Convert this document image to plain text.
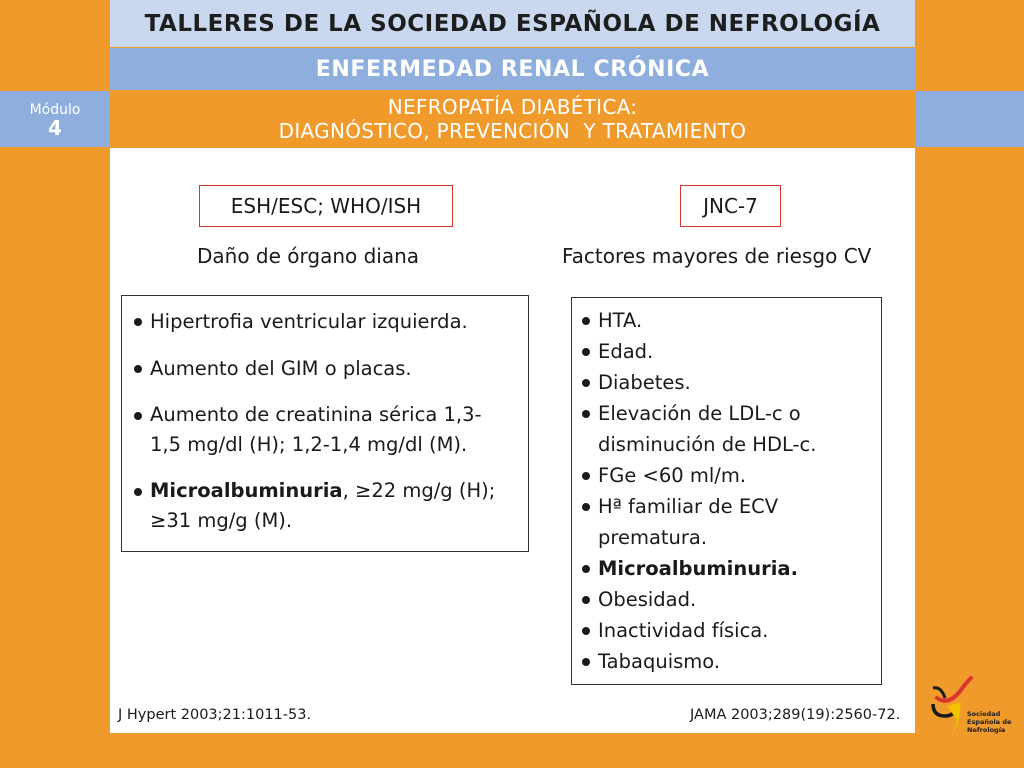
TALLERES DE LA SOCIEDAD ESPAÑOLA DE NEFROLOGÍA
ENFERMEDAD RENAL CRÓNICA
NEFROPATÍA DIABÉTICA:
DIAGNÓSTICO, PREVENCIÓN  Y TRATAMIENTO
Módulo
4
ESH/ESC; WHO/ISH	JNC-7
Daño de órgano diana	Factores mayores de riesgo CV
Hipertrofia ventricular izquierda.
Aumento del GIM o placas.
Aumento de creatinina sérica 1,3-
1,5 mg/dl (H); 1,2-1,4 mg/dl (M).
Microalbuminuria, ≥22 mg/g (H);
≥31 mg/g (M).
HTA.
Edad.
Diabetes.
Elevación de LDL-c o
disminución de HDL-c.
FGe <60 ml/m.
Hª familiar de ECV
prematura.
Microalbuminuria.
Obesidad.
Inactividad física.
Tabaquismo.
J Hypert 2003;21:1011-53.	JAMA 2003;289(19):2560-72.	Sociedad
Española de
Nefrología
